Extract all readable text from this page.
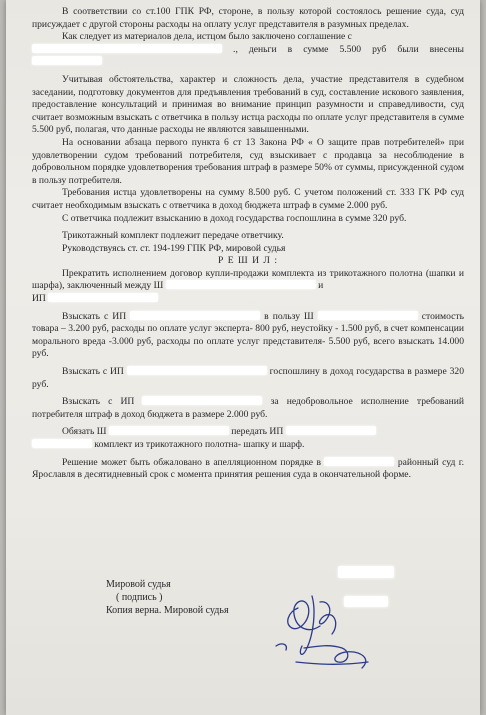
В соответствии со ст.100 ГПК РФ, стороне, в пользу которой состоялось решение суда, суд присуждает с другой стороны расходы на оплату услуг представителя в разумных пределах.

Как следует из материалов дела, истцом было заключено соглашение с
., деньги в сумме 5.500 руб были внесены

Учитывая обстоятельства, характер и сложность дела, участие представителя в судебном заседании, подготовку документов для предъявления требований в суд, составление искового заявления, предоставление консультаций и принимая во внимание принцип разумности и справедливости, суд считает возможным взыскать с ответчика в пользу истца расходы по оплате услуг представителя в сумме 5.500 руб, полагая, что данные расходы не являются завышенными.

На основании абзаца первого пункта 6 ст 13 Закона РФ « О защите прав потребителей» при удовлетворении судом требований потребителя, суд взыскивает с продавца за несоблюдение в добровольном порядке удовлетворения требования штраф в размере 50% от суммы, присужденной судом в пользу потребителя.

Требования истца удовлетворены на сумму 8.500 руб. С учетом положений ст. 333 ГК РФ суд считает необходимым взыскать с ответчика в доход бюджета штраф в сумме 2.000 руб.

С ответчика подлежит взысканию в доход государства госпошлина в сумме 320 руб.

Трикотажный комплект подлежит передаче ответчику.

Руководствуясь ст. ст. 194-199 ГПК РФ, мировой судья

Р Е Ш И Л :

Прекратить исполнением договор купли-продажи комплекта из трикотажного полотна (шапки и шарфа), заключенный между Ш	и
ИП

Взыскать с ИП	в пользу Ш	стоимость товара – 3.200 руб, расходы по оплате услуг эксперта- 800 руб, неустойку - 1.500 руб, в счет компенсации морального вреда -3.000 руб, расходы по оплате услуг представителя- 5.500 руб, всего взыскать 14.000 руб.

Взыскать с ИП	госпошлину в доход государства в размере 320 руб.

Взыскать с ИП	за недобровольное исполнение требований потребителя штраф в доход бюджета в размере 2.000 руб.

Обязать Ш	передать ИП
комплект из трикотажного полотна- шапку и шарф.

Решение может быть обжаловано в апелляционном порядке в	районный суд г. Ярославля в десятидневный срок с момента принятия решения суда в окончательной форме.

Мировой судья
( подпись )
Копия верна. Мировой судья
